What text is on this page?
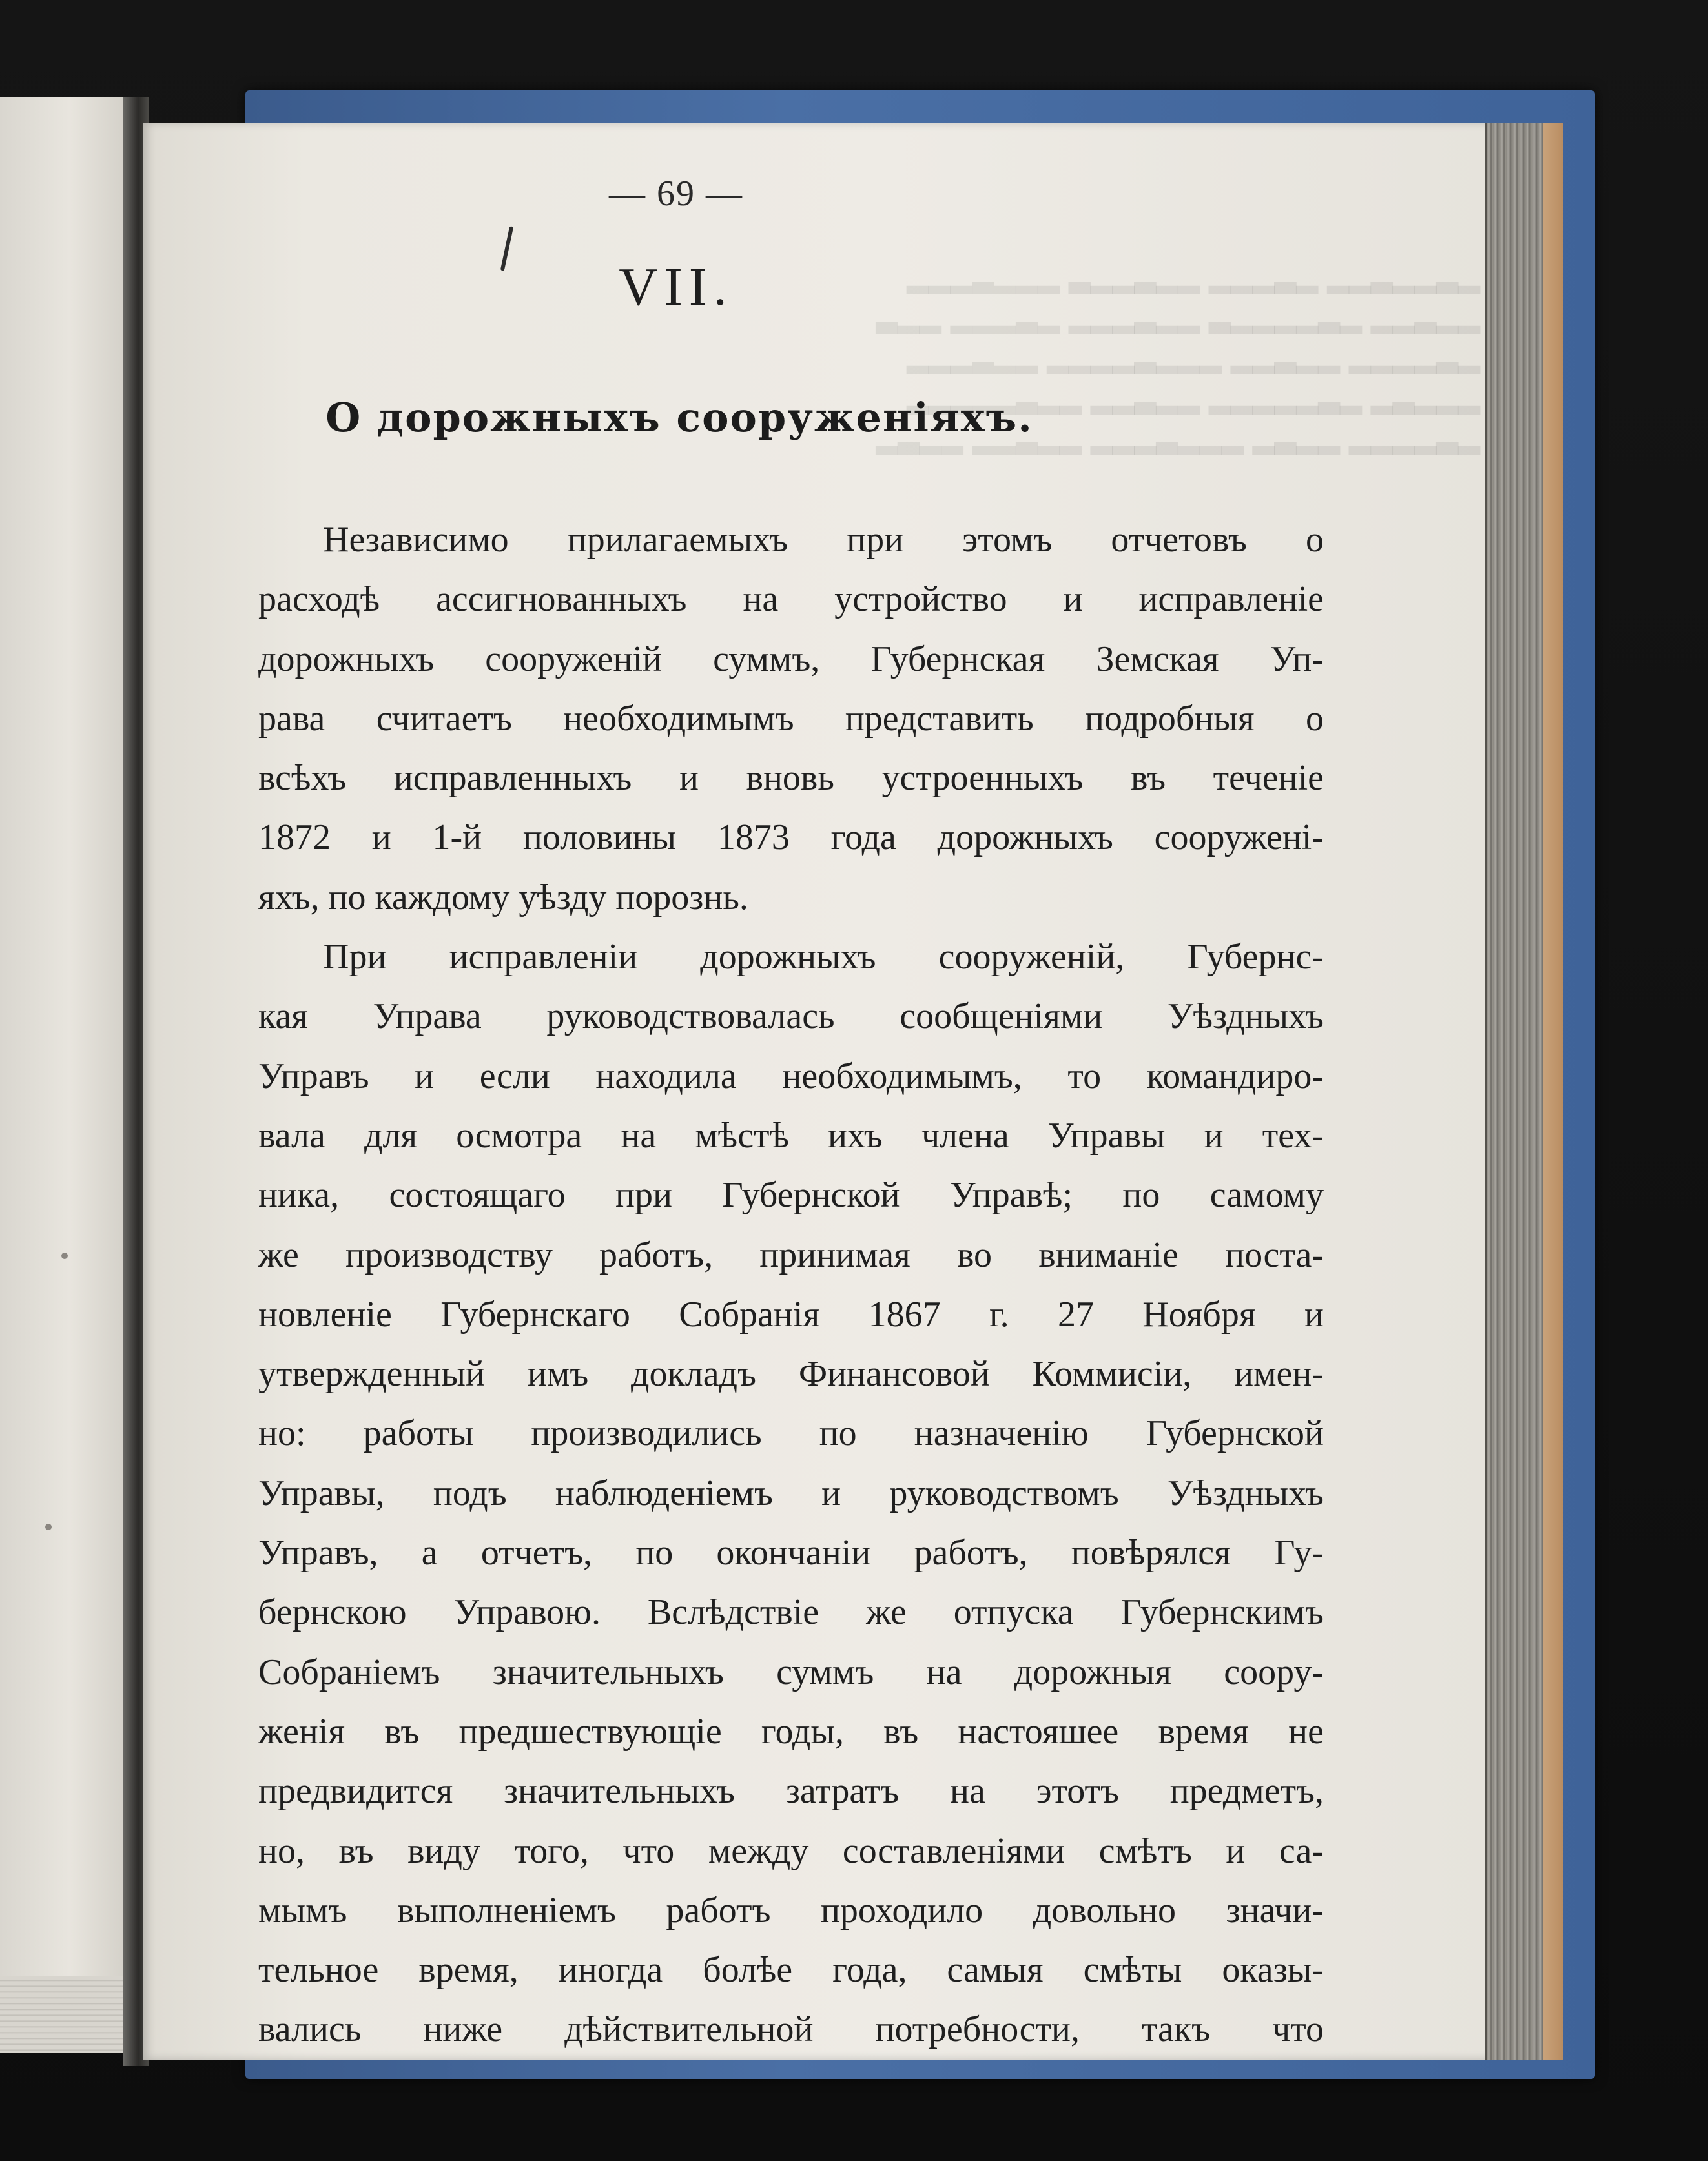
▂▃▂▂▃▂▂ ▂▃▂▂▂ ▂▂▃▂▂▃ ▂▂▂▃▂▂▂
▂▂▃▂▂ ▂▃▂▂▂▂▃ ▂▂▃▂▂▂ ▂▃▂▂▂ ▂▂▃
▂▃▂▂▂▂ ▂▂▃▂▂ ▂▂▂▃▂▂▂▂ ▂▂▃▂▂▂
▂▂▂▃▂ ▂▃▂▂▂▂▂ ▂▂▃▂▂ ▂▂▃▂▂▂▂▂
▂▃▂▂▂▂ ▂▂▃▂ ▂▂▂▃▂▂▂ ▂▂▃▂▂ ▂▂▃▂
— 69 —
VII.
О дорожныхъ сооруженіяхъ.
Независимо прилагаемыхъ при этомъ отчетовъ о
расходѣ ассигнованныхъ на устройство и исправленіе
дорожныхъ сооруженій суммъ, Губернская Земская Уп-
рава считаетъ необходимымъ представить подробныя о
всѣхъ исправленныхъ и вновь устроенныхъ въ теченіе
1872 и 1-й половины 1873 года дорожныхъ сооружені-
яхъ, по каждому уѣзду порознь.
При исправленіи дорожныхъ сооруженій, Губернс-
кая Управа руководствовалась сообщеніями Уѣздныхъ
Управъ и если находила необходимымъ, то командиро-
вала для осмотра на мѣстѣ ихъ члена Управы и тех-
ника, состоящаго при Губернской Управѣ; по самому
же производству работъ, принимая во вниманіе поста-
новленіе Губернскаго Собранія 1867 г. 27 Ноября и
утвержденный имъ докладъ Финансовой Коммисіи, имен-
но: работы производились по назначенію Губернской
Управы, подъ наблюденіемъ и руководствомъ Уѣздныхъ
Управъ, а отчетъ, по окончаніи работъ, повѣрялся Гу-
бернскою Управою. Вслѣдствіе же отпуска Губернскимъ
Собраніемъ значительныхъ суммъ на дорожныя соору-
женія въ предшествующіе годы, въ настояшее время не
предвидится значительныхъ затратъ на этотъ предметъ,
но, въ виду того, что между составленіями смѣтъ и са-
мымъ выполненіемъ работъ проходило довольно значи-
тельное время, иногда болѣе года, самыя смѣты оказы-
вались ниже дѣйствительной потребности, такъ что
